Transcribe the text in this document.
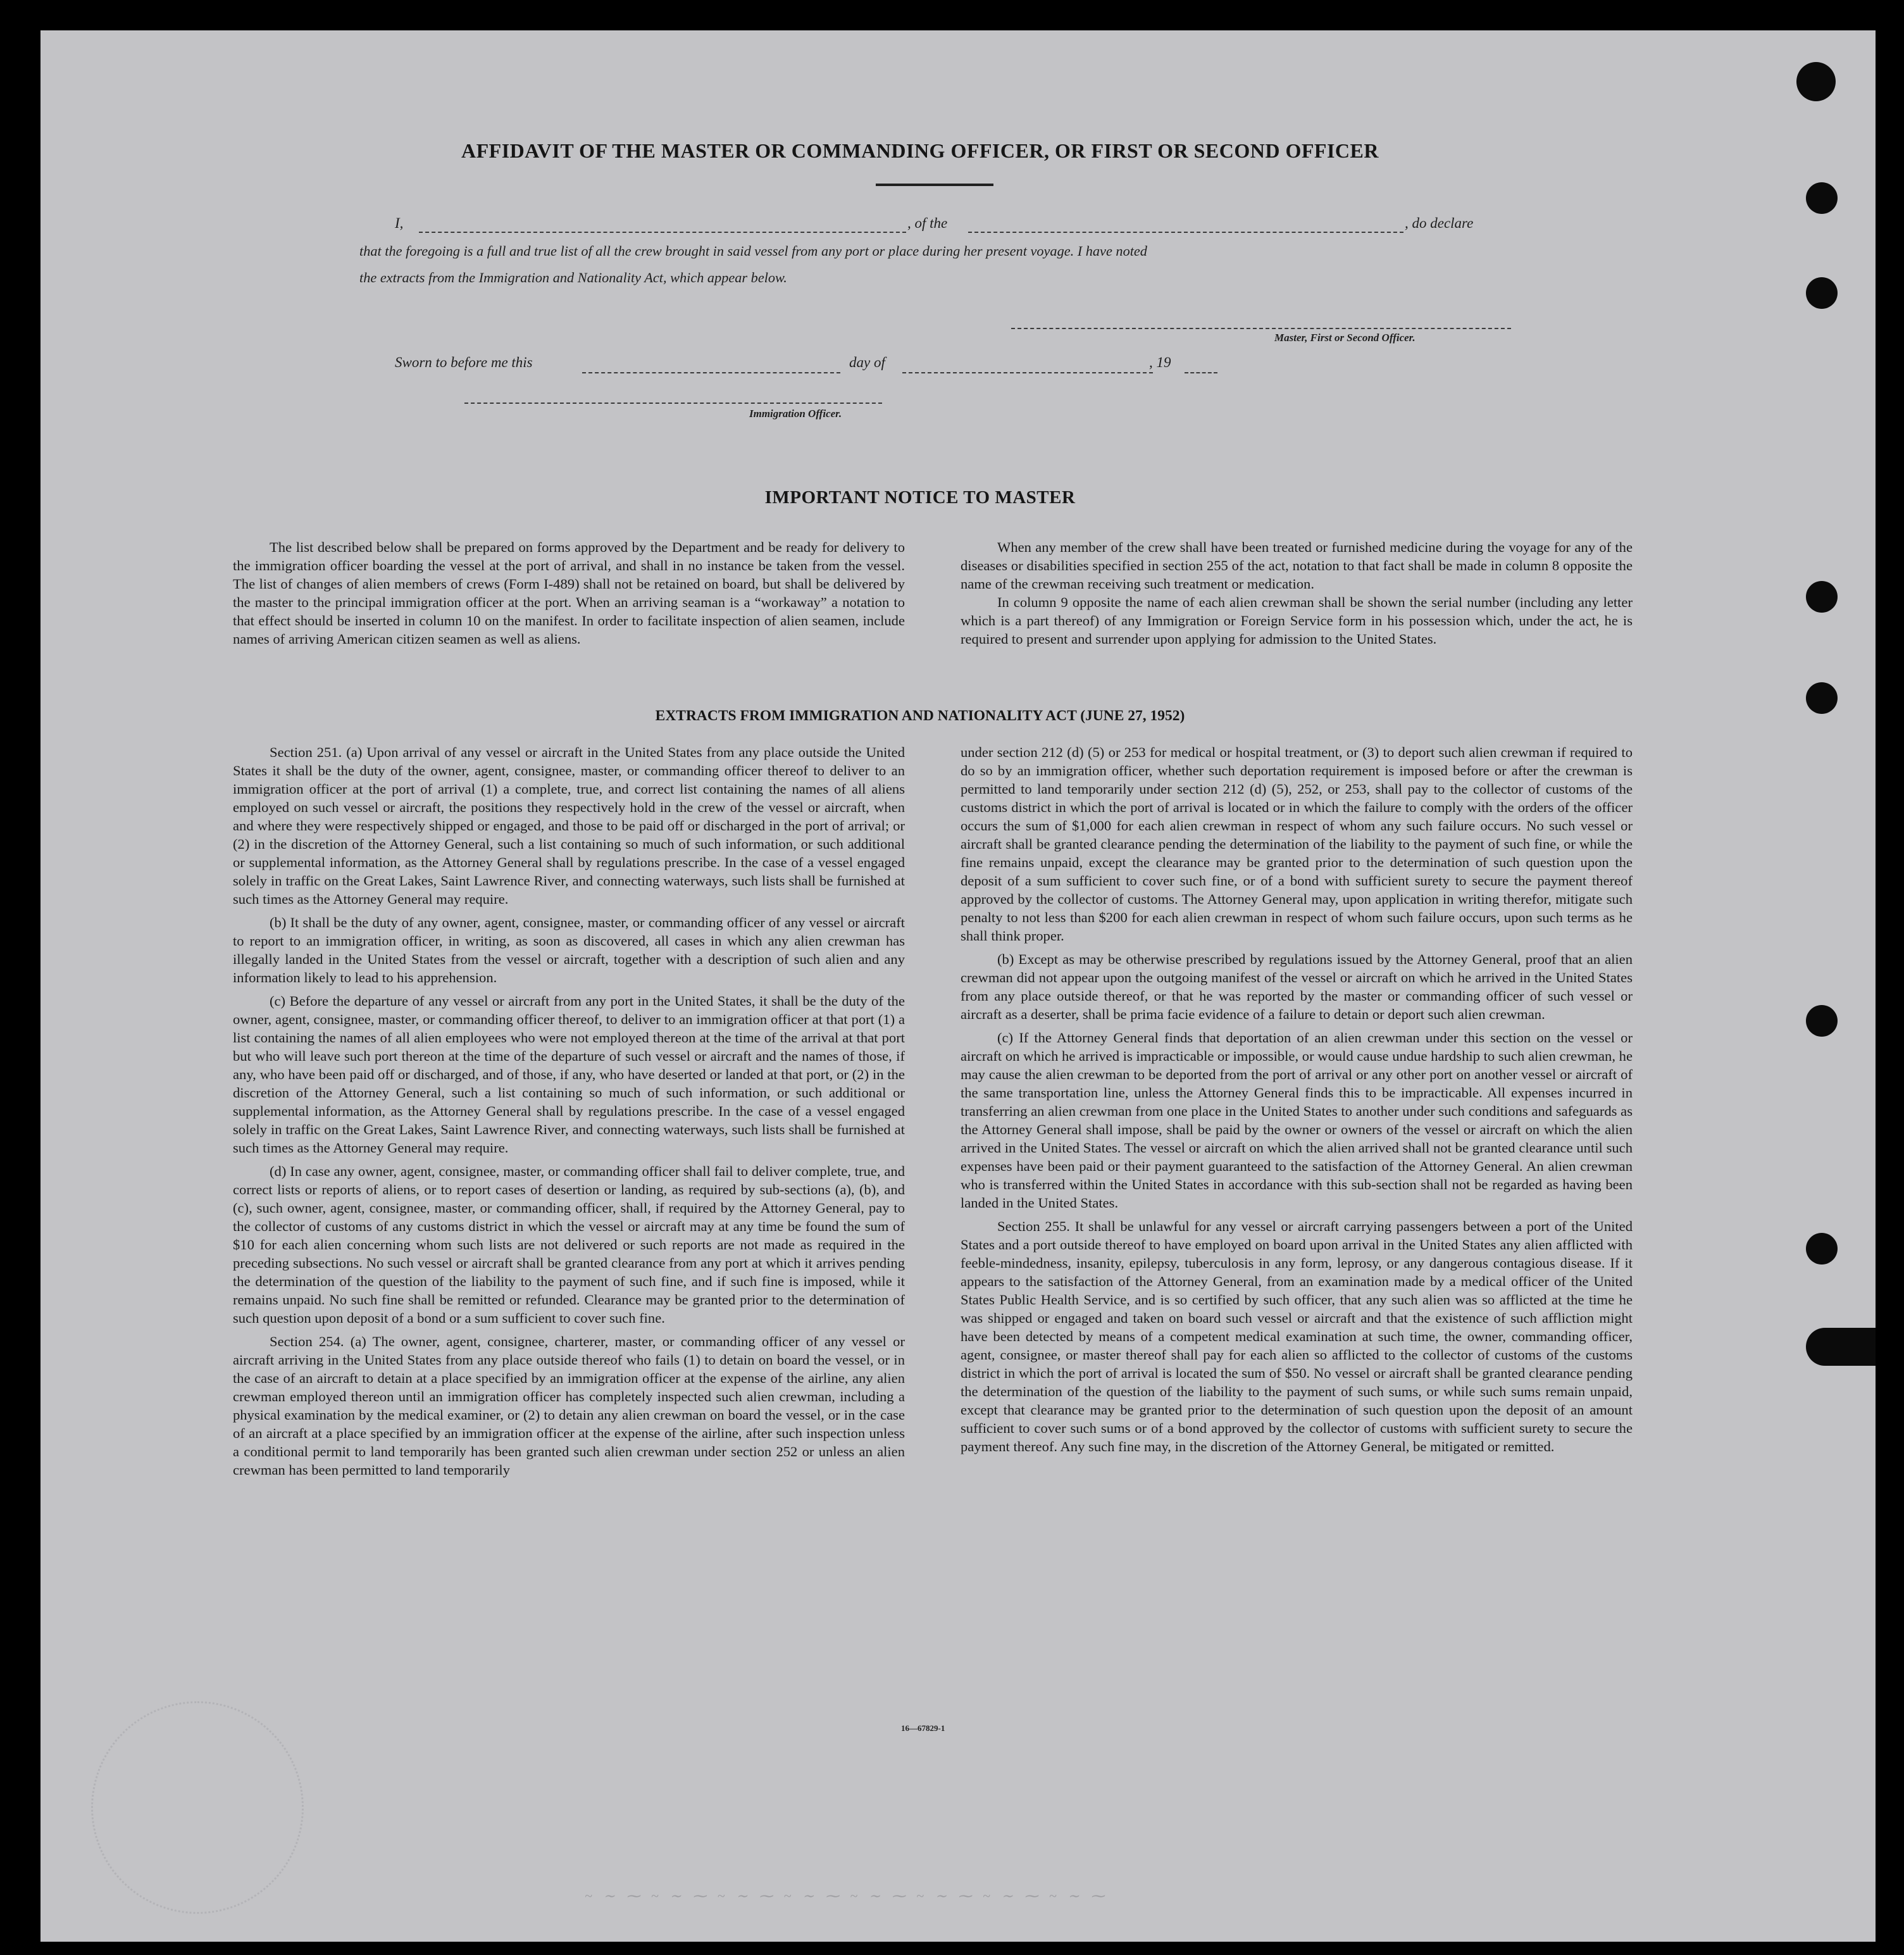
~ ∼ ⁓ ~ ∼ ⁓ ~ ∼ ⁓ ~ ∼ ⁓ ~ ∼ ⁓ ~ ∼ ⁓ ~ ∼ ⁓ ~ ∼ ⁓
AFFIDAVIT OF THE MASTER OR COMMANDING OFFICER, OR FIRST OR SECOND OFFICER
I,	, of the	, do declare
that the foregoing is a full and true list of all the crew brought in said vessel from any port or place during her present voyage. I have noted
the extracts from the Immigration and Nationality Act, which appear below.
Master, First or Second Officer.
Sworn to before me this	day of	, 19
Immigration Officer.
IMPORTANT NOTICE TO MASTER

The list described below shall be prepared on forms approved by the Department and be ready for delivery to the immigration officer boarding the vessel at the port of arrival, and shall in no instance be taken from the vessel. The list of changes of alien members of crews (Form I-489) shall not be retained on board, but shall be delivered by the master to the principal immigration officer at the port. When an arriving seaman is a “workaway” a notation to that effect should be inserted in column 10 on the manifest. In order to facilitate inspection of alien seamen, include names of arriving American citizen seamen as well as aliens.

When any member of the crew shall have been treated or furnished medicine during the voyage for any of the diseases or disabilities specified in section 255 of the act, notation to that fact shall be made in column 8 opposite the name of the crewman receiving such treatment or medication.

In column 9 opposite the name of each alien crewman shall be shown the serial number (including any letter which is a part thereof) of any Immigration or Foreign Service form in his possession which, under the act, he is required to present and surrender upon applying for admission to the United States.

EXTRACTS FROM IMMIGRATION AND NATIONALITY ACT (JUNE 27, 1952)

Section 251. (a) Upon arrival of any vessel or aircraft in the United States from any place outside the United States it shall be the duty of the owner, agent, consignee, master, or commanding officer thereof to deliver to an immigration officer at the port of arrival (1) a complete, true, and correct list containing the names of all aliens employed on such vessel or aircraft, the positions they respectively hold in the crew of the vessel or aircraft, when and where they were respectively shipped or engaged, and those to be paid off or discharged in the port of arrival; or (2) in the discretion of the Attorney General, such a list containing so much of such information, or such additional or supplemental information, as the Attorney General shall by regulations prescribe. In the case of a vessel engaged solely in traffic on the Great Lakes, Saint Lawrence River, and connecting waterways, such lists shall be furnished at such times as the Attorney General may require.

(b) It shall be the duty of any owner, agent, consignee, master, or commanding officer of any vessel or aircraft to report to an immigration officer, in writing, as soon as discovered, all cases in which any alien crewman has illegally landed in the United States from the vessel or aircraft, together with a description of such alien and any information likely to lead to his apprehension.

(c) Before the departure of any vessel or aircraft from any port in the United States, it shall be the duty of the owner, agent, consignee, master, or commanding officer thereof, to deliver to an immigration officer at that port (1) a list containing the names of all alien employees who were not employed thereon at the time of the arrival at that port but who will leave such port thereon at the time of the departure of such vessel or aircraft and the names of those, if any, who have been paid off or discharged, and of those, if any, who have deserted or landed at that port, or (2) in the discretion of the Attorney General, such a list containing so much of such information, or such additional or supplemental information, as the Attorney General shall by regulations prescribe. In the case of a vessel engaged solely in traffic on the Great Lakes, Saint Lawrence River, and connecting waterways, such lists shall be furnished at such times as the Attorney General may require.

(d) In case any owner, agent, consignee, master, or commanding officer shall fail to deliver complete, true, and correct lists or reports of aliens, or to report cases of desertion or landing, as required by sub-sections (a), (b), and (c), such owner, agent, consignee, master, or commanding officer, shall, if required by the Attorney General, pay to the collector of customs of any customs district in which the vessel or aircraft may at any time be found the sum of $10 for each alien concerning whom such lists are not delivered or such reports are not made as required in the preceding subsections. No such vessel or aircraft shall be granted clearance from any port at which it arrives pending the determination of the question of the liability to the payment of such fine, and if such fine is imposed, while it remains unpaid. No such fine shall be remitted or refunded. Clearance may be granted prior to the determination of such question upon deposit of a bond or a sum sufficient to cover such fine.

Section 254. (a) The owner, agent, consignee, charterer, master, or commanding officer of any vessel or aircraft arriving in the United States from any place outside thereof who fails (1) to detain on board the vessel, or in the case of an aircraft to detain at a place specified by an immigration officer at the expense of the airline, any alien crewman employed thereon until an immigration officer has completely inspected such alien crewman, including a physical examination by the medical examiner, or (2) to detain any alien crewman on board the vessel, or in the case of an aircraft at a place specified by an immigration officer at the expense of the airline, after such inspection unless a conditional permit to land temporarily has been granted such alien crewman under section 252 or unless an alien crewman has been permitted to land temporarily

under section 212 (d) (5) or 253 for medical or hospital treatment, or (3) to deport such alien crewman if required to do so by an immigration officer, whether such deportation requirement is imposed before or after the crewman is permitted to land temporarily under section 212 (d) (5), 252, or 253, shall pay to the collector of customs of the customs district in which the port of arrival is located or in which the failure to comply with the orders of the officer occurs the sum of $1,000 for each alien crewman in respect of whom any such failure occurs. No such vessel or aircraft shall be granted clearance pending the determination of the liability to the payment of such fine, or while the fine remains unpaid, except the clearance may be granted prior to the determination of such question upon the deposit of a sum sufficient to cover such fine, or of a bond with sufficient surety to secure the payment thereof approved by the collector of customs. The Attorney General may, upon application in writing therefor, mitigate such penalty to not less than $200 for each alien crewman in respect of whom such failure occurs, upon such terms as he shall think proper.

(b) Except as may be otherwise prescribed by regulations issued by the Attorney General, proof that an alien crewman did not appear upon the outgoing manifest of the vessel or aircraft on which he arrived in the United States from any place outside thereof, or that he was reported by the master or commanding officer of such vessel or aircraft as a deserter, shall be prima facie evidence of a failure to detain or deport such alien crewman.

(c) If the Attorney General finds that deportation of an alien crewman under this section on the vessel or aircraft on which he arrived is impracticable or impossible, or would cause undue hardship to such alien crewman, he may cause the alien crewman to be deported from the port of arrival or any other port on another vessel or aircraft of the same transportation line, unless the Attorney General finds this to be impracticable. All expenses incurred in transferring an alien crewman from one place in the United States to another under such conditions and safeguards as the Attorney General shall impose, shall be paid by the owner or owners of the vessel or aircraft on which the alien arrived in the United States. The vessel or aircraft on which the alien arrived shall not be granted clearance until such expenses have been paid or their payment guaranteed to the satisfaction of the Attorney General. An alien crewman who is transferred within the United States in accordance with this sub-section shall not be regarded as having been landed in the United States.

Section 255. It shall be unlawful for any vessel or aircraft carrying passengers between a port of the United States and a port outside thereof to have employed on board upon arrival in the United States any alien afflicted with feeble-mindedness, insanity, epilepsy, tuberculosis in any form, leprosy, or any dangerous contagious disease. If it appears to the satisfaction of the Attorney General, from an examination made by a medical officer of the United States Public Health Service, and is so certified by such officer, that any such alien was so afflicted at the time he was shipped or engaged and taken on board such vessel or aircraft and that the existence of such affliction might have been detected by means of a competent medical examination at such time, the owner, commanding officer, agent, consignee, or master thereof shall pay for each alien so afflicted to the collector of customs of the customs district in which the port of arrival is located the sum of $50. No vessel or aircraft shall be granted clearance pending the determination of the question of the liability to the payment of such sums, or while such sums remain unpaid, except that clearance may be granted prior to the determination of such question upon the deposit of an amount sufficient to cover such sums or of a bond approved by the collector of customs with sufficient surety to secure the payment thereof. Any such fine may, in the discretion of the Attorney General, be mitigated or remitted.

16—67829-1
